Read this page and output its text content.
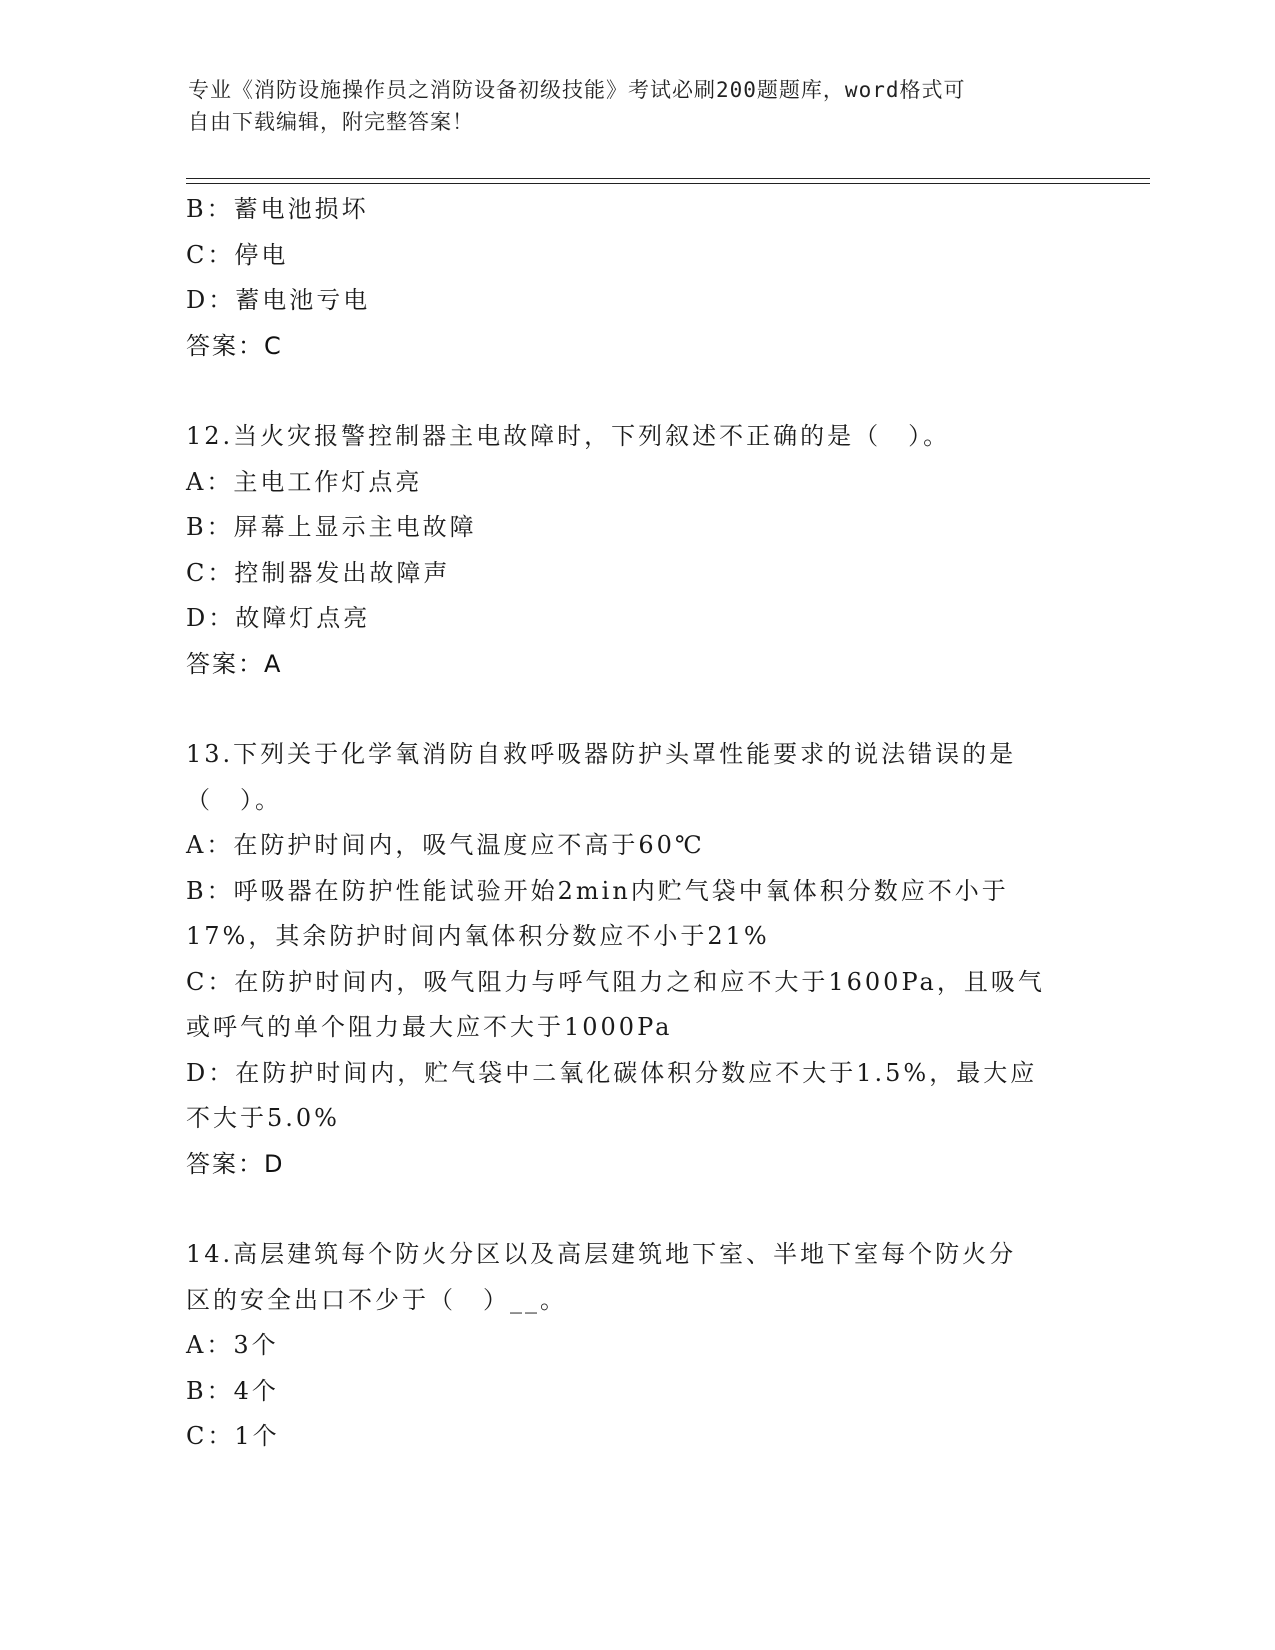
专业《消防设施操作员之消防设备初级技能》考试必刷200题题库，word格式可
自由下载编辑，附完整答案！
B：蓄电池损坏
C：停电
D：蓄电池亏电
答案：C
12.当火灾报警控制器主电故障时，下列叙述不正确的是（　）。
A：主电工作灯点亮
B：屏幕上显示主电故障
C：控制器发出故障声
D：故障灯点亮
答案：A
13.下列关于化学氧消防自救呼吸器防护头罩性能要求的说法错误的是
（　）。
A：在防护时间内，吸气温度应不高于60℃
B：呼吸器在防护性能试验开始2min内贮气袋中氧体积分数应不小于
17%，其余防护时间内氧体积分数应不小于21%
C：在防护时间内，吸气阻力与呼气阻力之和应不大于1600Pa，且吸气
或呼气的单个阻力最大应不大于1000Pa
D：在防护时间内，贮气袋中二氧化碳体积分数应不大于1.5%，最大应
不大于5.0%
答案：D
14.高层建筑每个防火分区以及高层建筑地下室、半地下室每个防火分
区的安全出口不少于（　）__。
A：3个
B：4个
C：1个
